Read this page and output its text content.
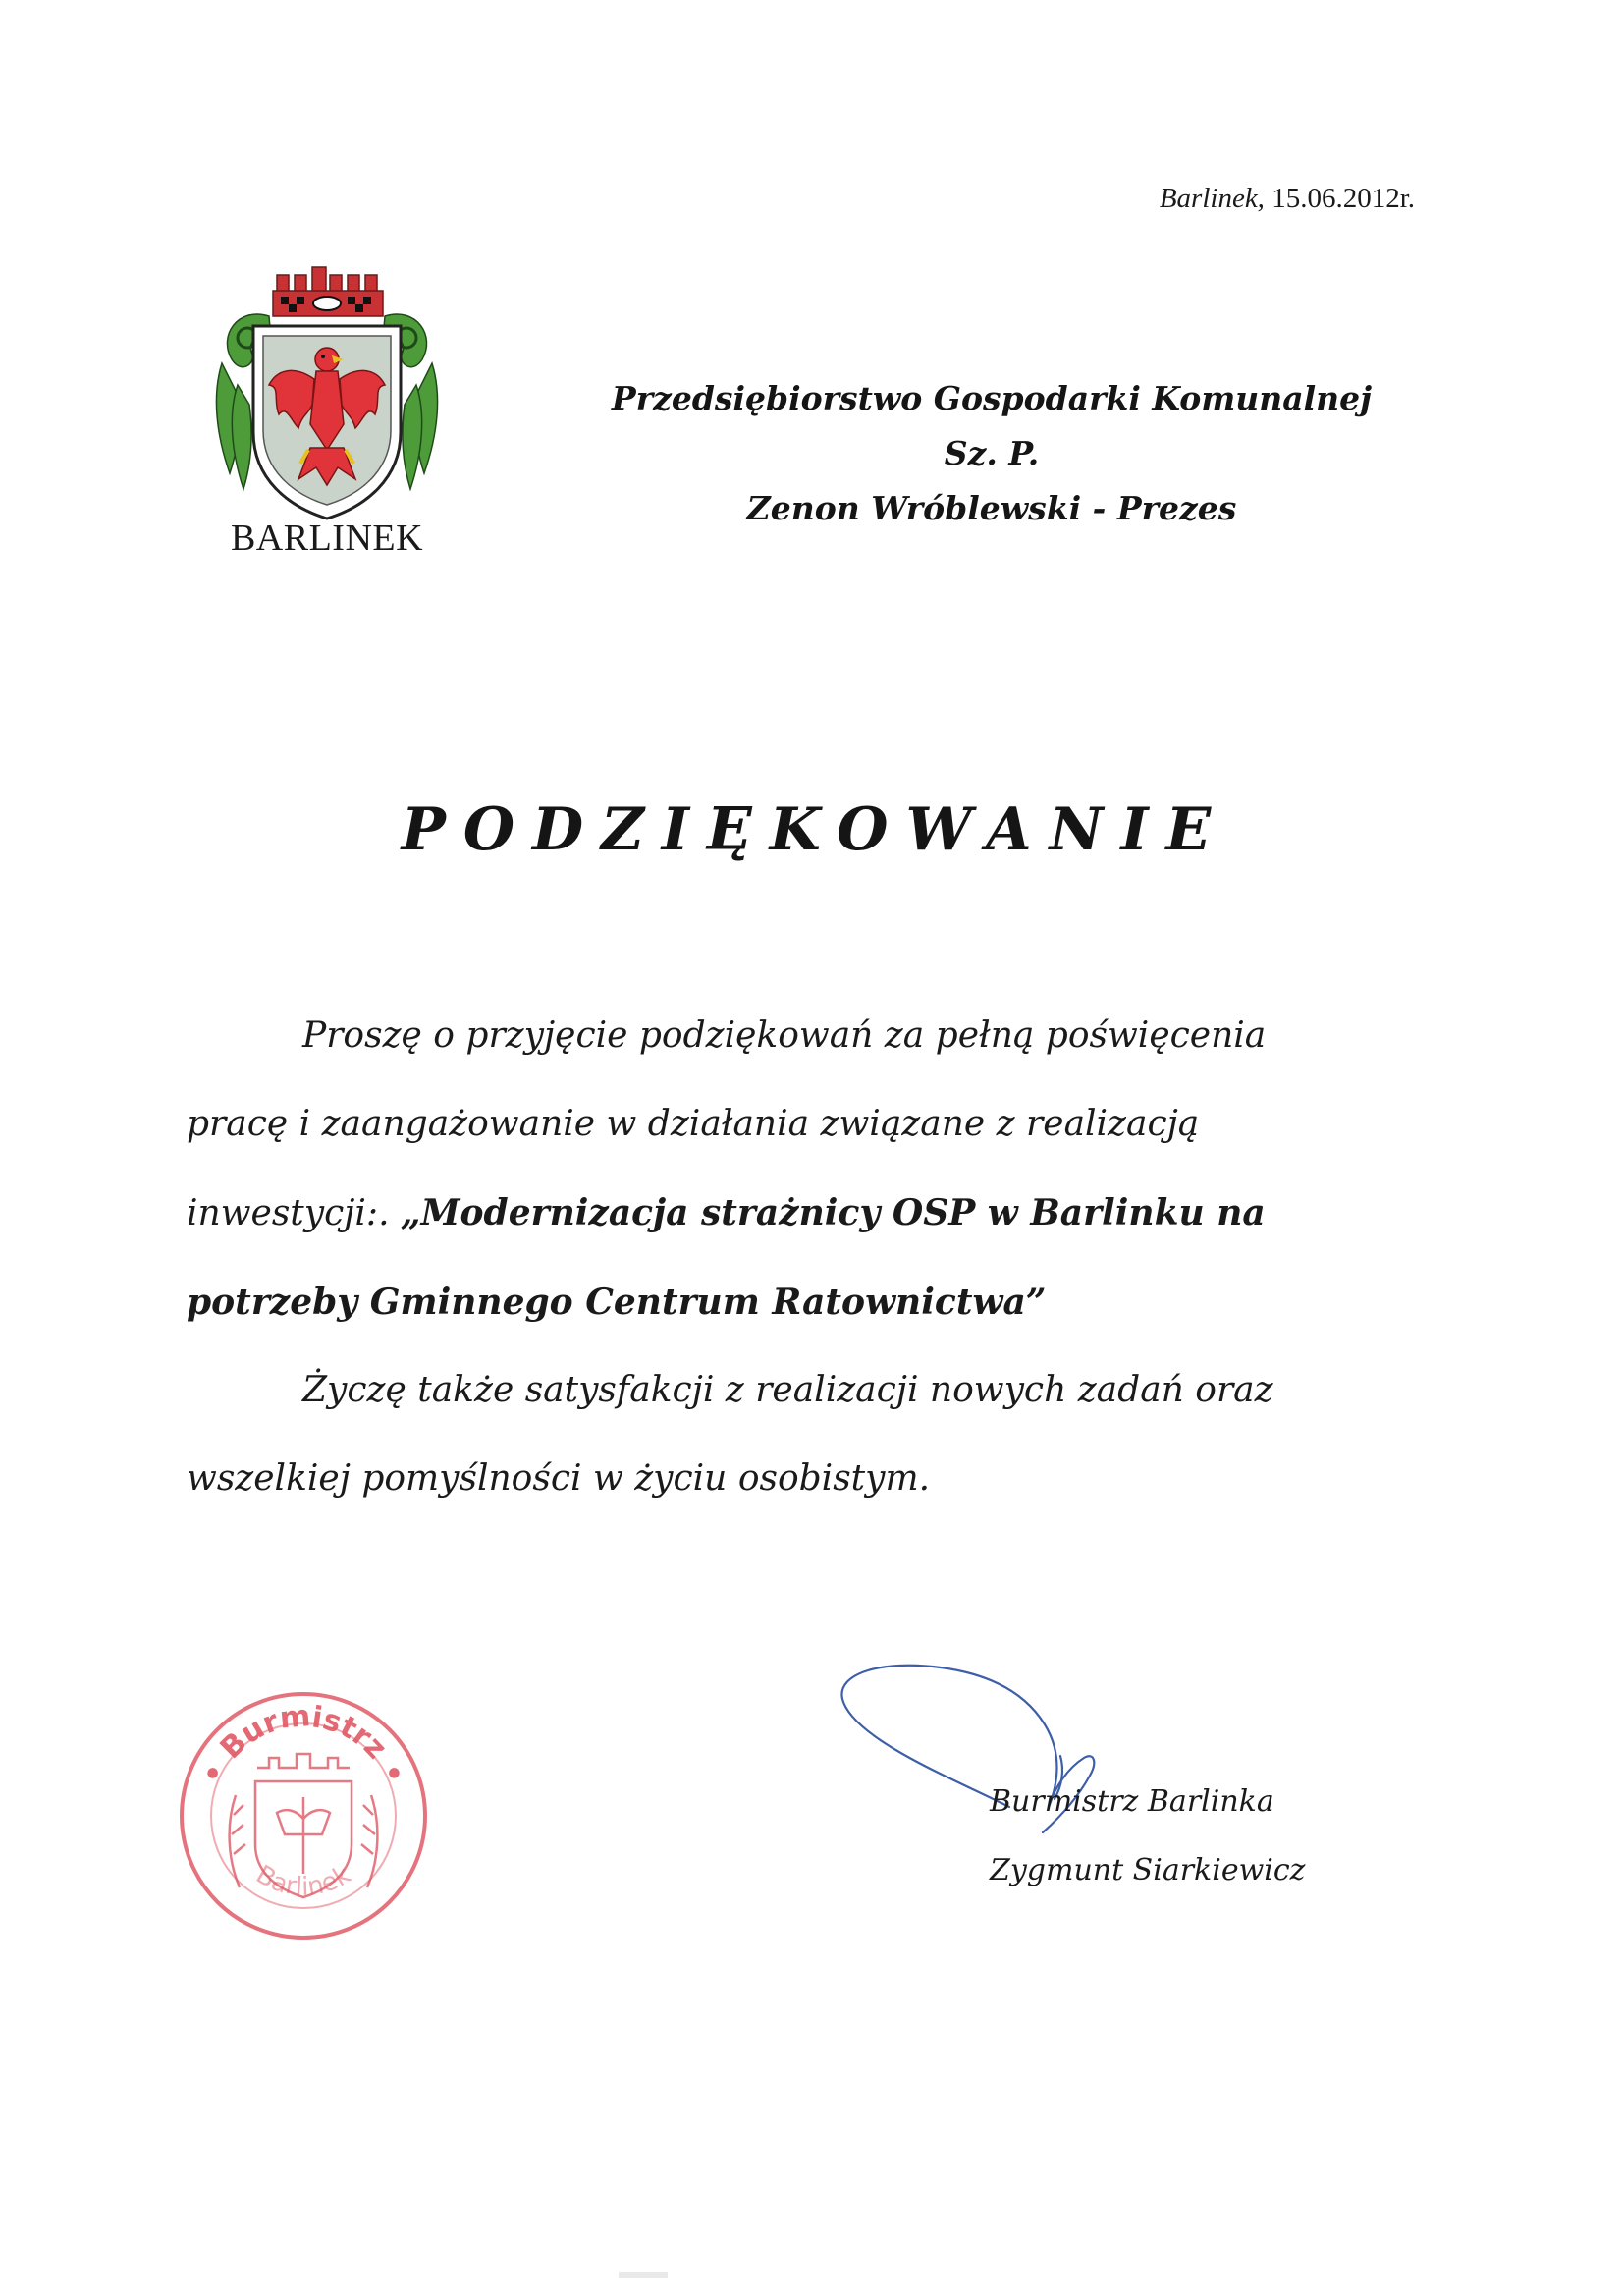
Barlinek, 15.06.2012r.
BARLINEK
Przedsiębiorstwo Gospodarki Komunalnej
Sz. P.
Zenon Wróblewski - Prezes
PODZIĘKOWANIE
Proszę o przyjęcie podziękowań za pełną poświęcenia
pracę i zaangażowanie w działania związane z realizacją
inwestycji:. „Modernizacja strażnicy OSP w Barlinku na
potrzeby Gminnego Centrum Ratownictwa”
Życzę także satysfakcji z realizacji nowych zadań oraz
wszelkiej pomyślności w życiu osobistym.
• Burmistrz •
Barlinek
Burmistrz Barlinka
Zygmunt Siarkiewicz
